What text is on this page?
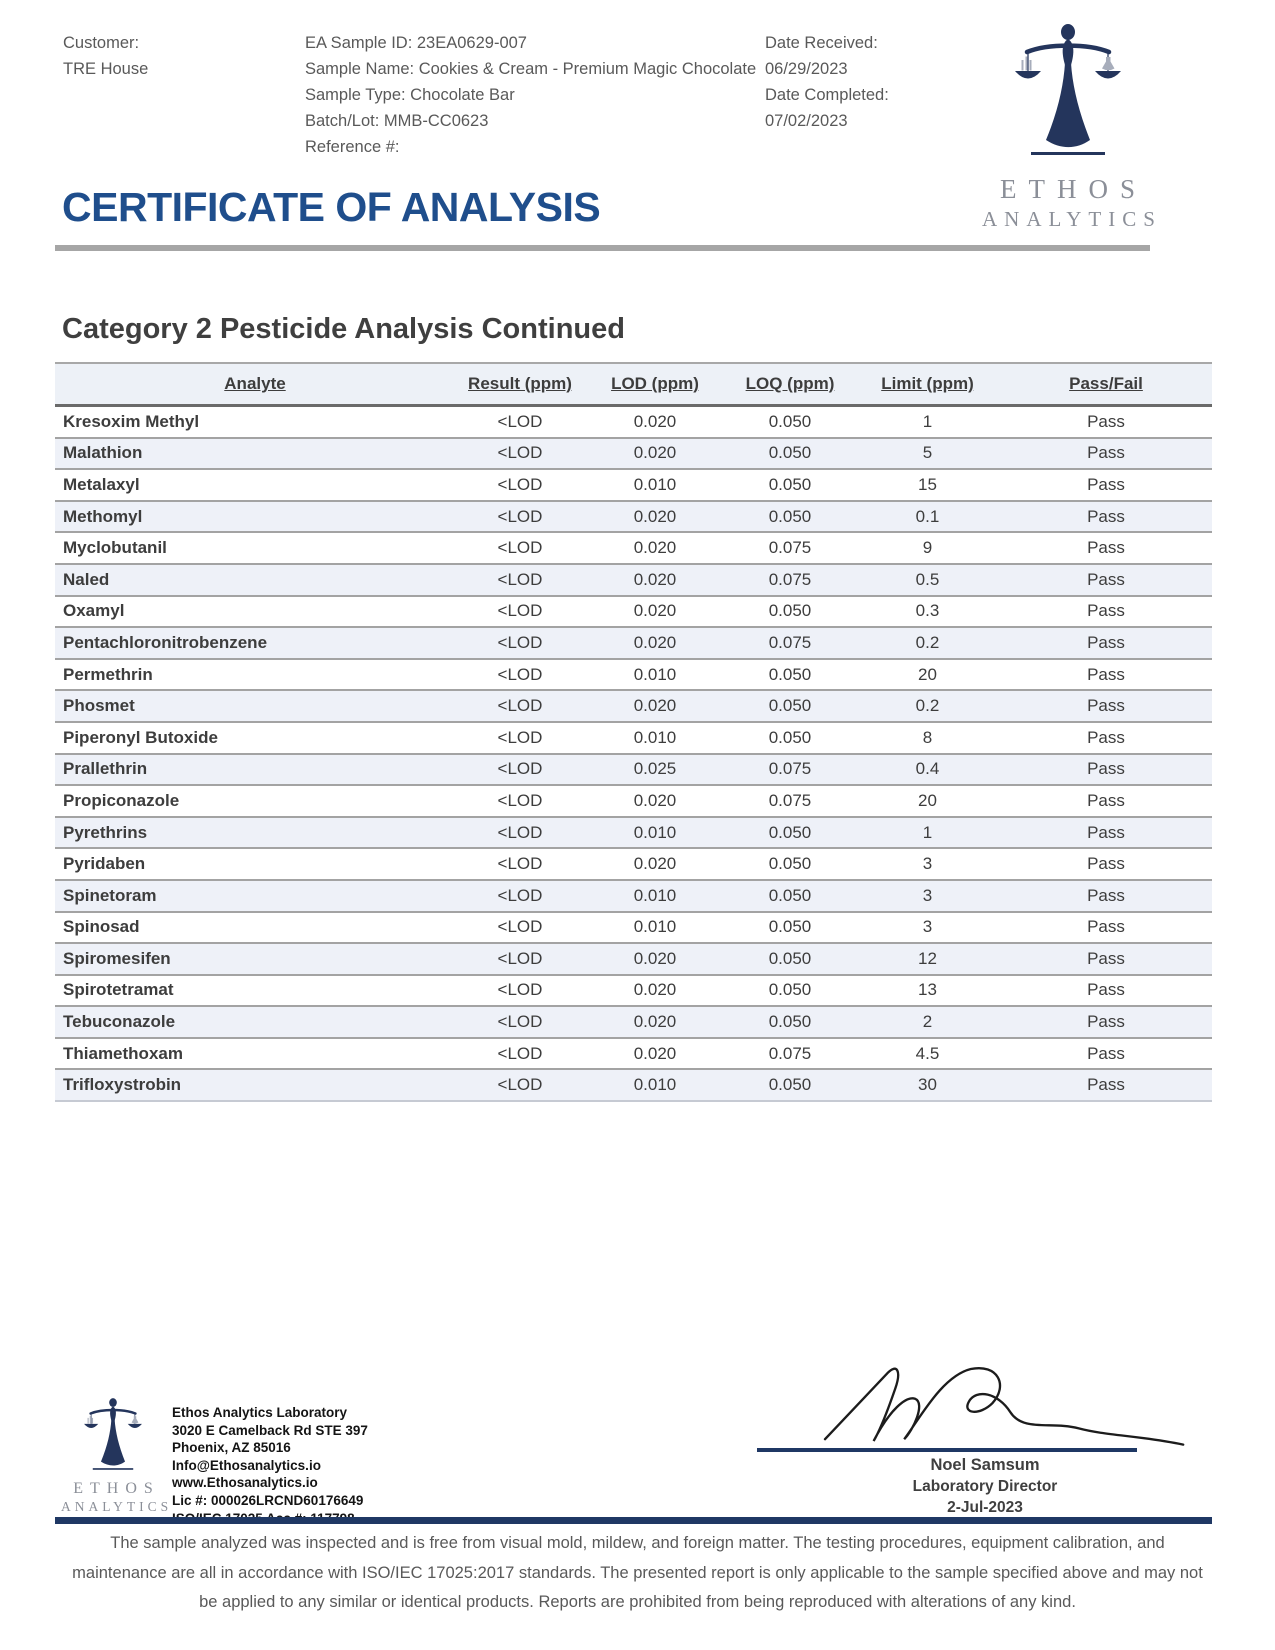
Customer:
TRE House
EA Sample ID: 23EA0629-007
Sample Name: Cookies & Cream - Premium Magic Chocolate
Sample Type: Chocolate Bar
Batch/Lot: MMB-CC0623
Reference #:
Date Received:
06/29/2023
Date Completed:
07/02/2023
ETHOS
ANALYTICS
CERTIFICATE OF ANALYSIS
Category 2 Pesticide Analysis Continued
Analyte	Result (ppm)	LOD (ppm)	LOQ (ppm)	Limit (ppm)	Pass/Fail
Kresoxim Methyl	<LOD	0.020	0.050	1	Pass
Malathion	<LOD	0.020	0.050	5	Pass
Metalaxyl	<LOD	0.010	0.050	15	Pass
Methomyl	<LOD	0.020	0.050	0.1	Pass
Myclobutanil	<LOD	0.020	0.075	9	Pass
Naled	<LOD	0.020	0.075	0.5	Pass
Oxamyl	<LOD	0.020	0.050	0.3	Pass
Pentachloronitrobenzene	<LOD	0.020	0.075	0.2	Pass
Permethrin	<LOD	0.010	0.050	20	Pass
Phosmet	<LOD	0.020	0.050	0.2	Pass
Piperonyl Butoxide	<LOD	0.010	0.050	8	Pass
Prallethrin	<LOD	0.025	0.075	0.4	Pass
Propiconazole	<LOD	0.020	0.075	20	Pass
Pyrethrins	<LOD	0.010	0.050	1	Pass
Pyridaben	<LOD	0.020	0.050	3	Pass
Spinetoram	<LOD	0.010	0.050	3	Pass
Spinosad	<LOD	0.010	0.050	3	Pass
Spiromesifen	<LOD	0.020	0.050	12	Pass
Spirotetramat	<LOD	0.020	0.050	13	Pass
Tebuconazole	<LOD	0.020	0.050	2	Pass
Thiamethoxam	<LOD	0.020	0.075	4.5	Pass
Trifloxystrobin	<LOD	0.010	0.050	30	Pass
ETHOS
ANALYTICS
Ethos Analytics Laboratory
3020 E Camelback Rd STE 397
Phoenix, AZ 85016
Info@Ethosanalytics.io
www.Ethosanalytics.io
Lic #: 000026LRCND60176649
Noel Samsum
Laboratory Director
2-Jul-2023
The sample analyzed was inspected and is free from visual mold, mildew, and foreign matter. The testing procedures, equipment calibration, and maintenance are all in accordance with ISO/IEC 17025:2017 standards. The presented report is only applicable to the sample specified above and may not be applied to any similar or identical products. Reports are prohibited from being reproduced with alterations of any kind.
